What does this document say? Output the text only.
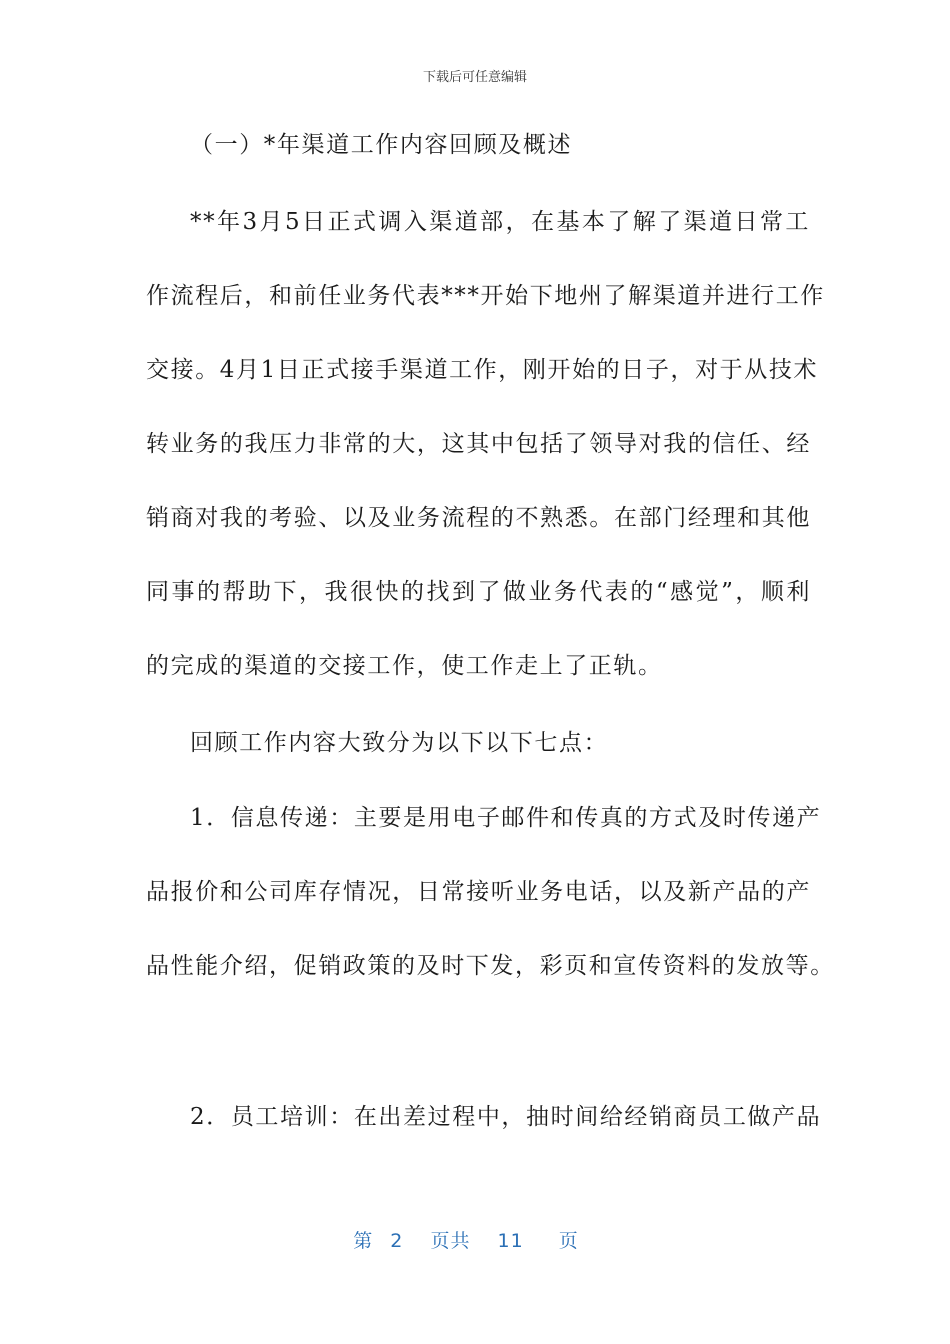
下载后可任意编辑
（一）*年渠道工作内容回顾及概述
**年3月5日正式调入渠道部，在基本了解了渠道日常工
作流程后，和前任业务代表***开始下地州了解渠道并进行工作
交接。4月1日正式接手渠道工作，刚开始的日子，对于从技术
转业务的我压力非常的大，这其中包括了领导对我的信任、经
销商对我的考验、以及业务流程的不熟悉。在部门经理和其他
同事的帮助下，我很快的找到了做业务代表的“感觉”，顺利
的完成的渠道的交接工作，使工作走上了正轨。
回顾工作内容大致分为以下以下七点：
1．信息传递：主要是用电子邮件和传真的方式及时传递产
品报价和公司库存情况，日常接听业务电话，以及新产品的产
品性能介绍，促销政策的及时下发，彩页和宣传资料的发放等。
2．员工培训：在出差过程中，抽时间给经销商员工做产品
第 2 页共 11 页
